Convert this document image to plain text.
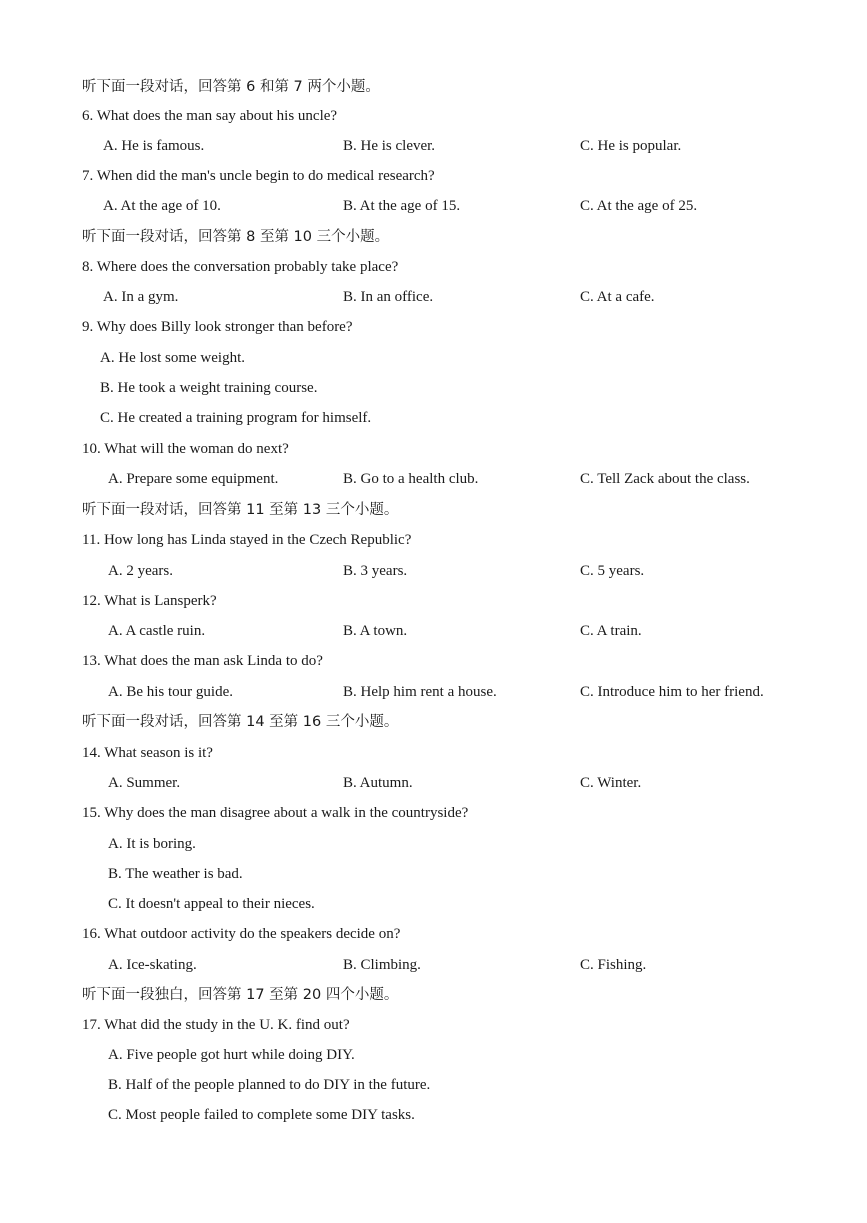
听下面一段对话，回答第 6 和第 7 两个小题。
6. What does the man say about his uncle?
A. He is famous.	B. He is clever.	C. He is popular.
7. When did the man's uncle begin to do medical research?
A. At the age of 10.	B. At the age of 15.	C. At the age of 25.
听下面一段对话，回答第 8 至第 10 三个小题。
8. Where does the conversation probably take place?
A. In a gym.	B. In an office.	C. At a cafe.
9. Why does Billy look stronger than before?
A. He lost some weight.
B. He took a weight training course.
C. He created a training program for himself.
10. What will the woman do next?
A. Prepare some equipment.	B. Go to a health club.	C. Tell Zack about the class.
听下面一段对话，回答第 11 至第 13 三个小题。
11. How long has Linda stayed in the Czech Republic?
A. 2 years.	B. 3 years.	C. 5 years.
12. What is Lansperk?
A. A castle ruin.	B. A town.	C. A train.
13. What does the man ask Linda to do?
A. Be his tour guide.	B. Help him rent a house.	C. Introduce him to her friend.
听下面一段对话，回答第 14 至第 16 三个小题。
14. What season is it?
A. Summer.	B. Autumn.	C. Winter.
15. Why does the man disagree about a walk in the countryside?
A. It is boring.
B. The weather is bad.
C. It doesn't appeal to their nieces.
16. What outdoor activity do the speakers decide on?
A. Ice-skating.	B. Climbing.	C. Fishing.
听下面一段独白，回答第 17 至第 20 四个小题。
17. What did the study in the U. K. find out?
A. Five people got hurt while doing DIY.
B. Half of the people planned to do DIY in the future.
C. Most people failed to complete some DIY tasks.
